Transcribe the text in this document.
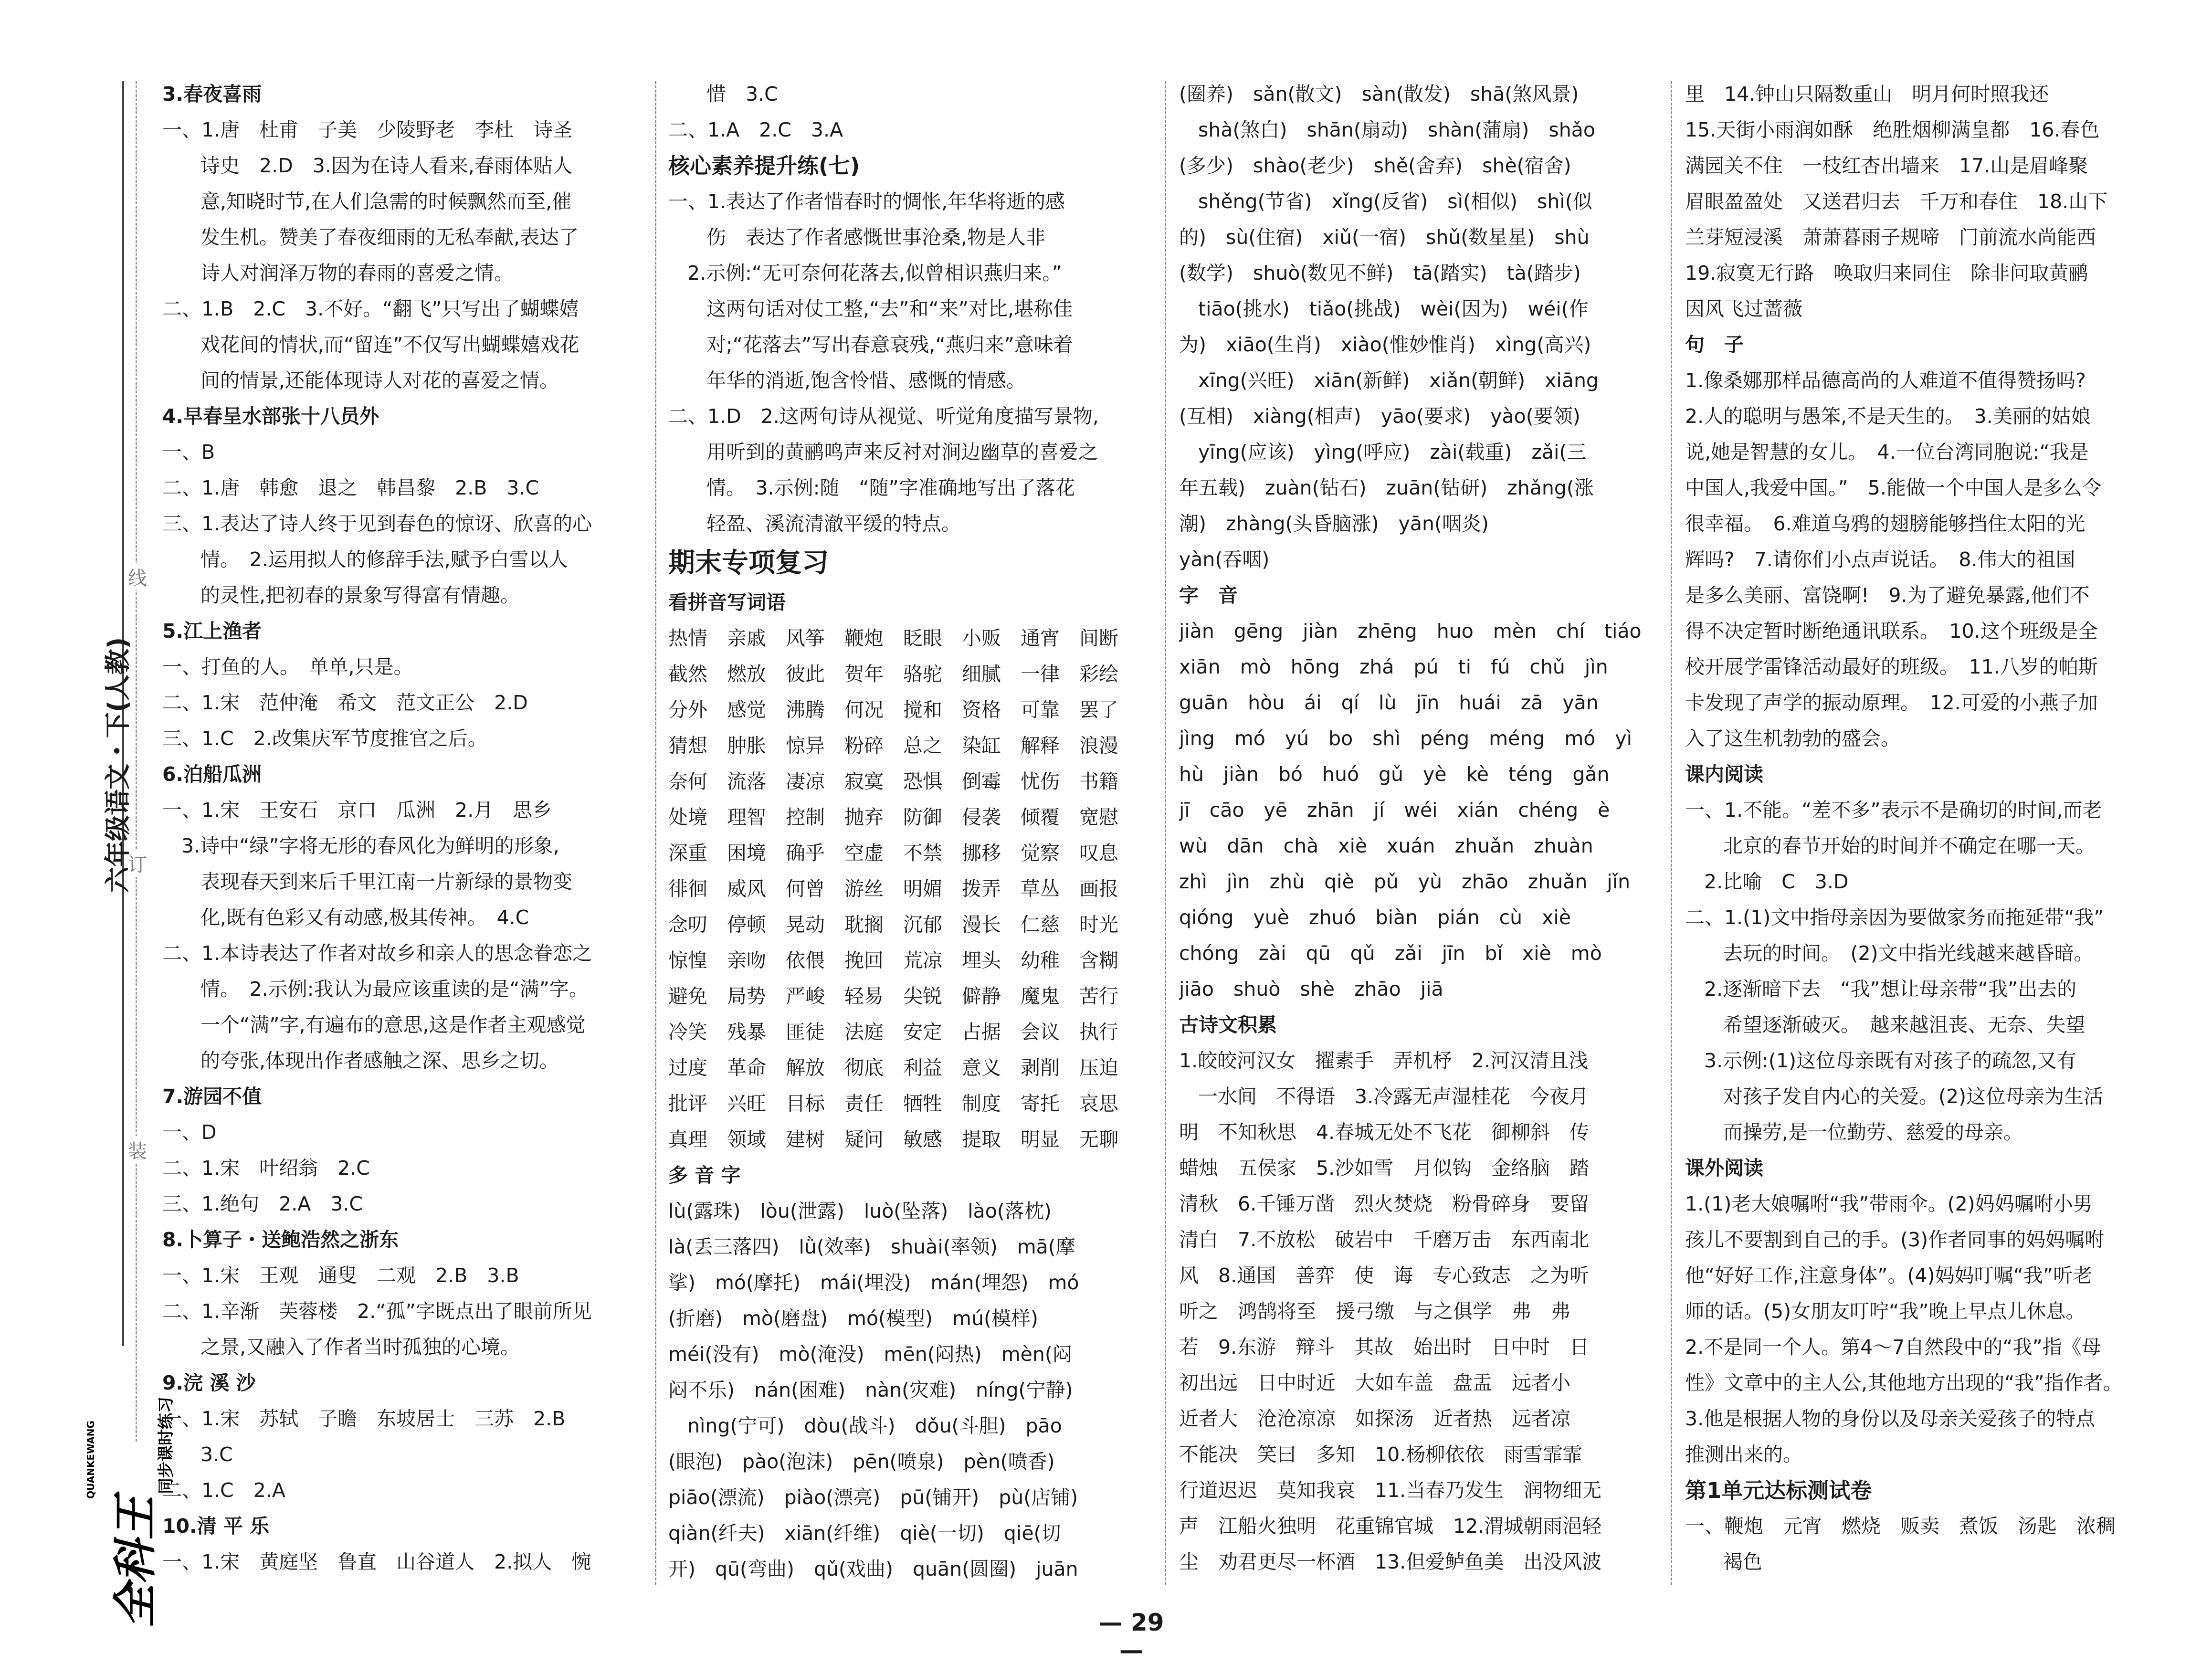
线
订
装
六年级语文・下(人教)
全科王
同步课时练习
QUANKEWANG
3.春夜喜雨
一、1.唐　杜甫　子美　少陵野老　李杜　诗圣
诗史　2.D　3.因为在诗人看来,春雨体贴人
意,知晓时节,在人们急需的时候飘然而至,催
发生机。赞美了春夜细雨的无私奉献,表达了
诗人对润泽万物的春雨的喜爱之情。
二、1.B　2.C　3.不好。“翻飞”只写出了蝴蝶嬉
戏花间的情状,而“留连”不仅写出蝴蝶嬉戏花
间的情景,还能体现诗人对花的喜爱之情。
4.早春呈水部张十八员外
一、B
二、1.唐　韩愈　退之　韩昌黎　2.B　3.C
三、1.表达了诗人终于见到春色的惊讶、欣喜的心
情。　2.运用拟人的修辞手法,赋予白雪以人
的灵性,把初春的景象写得富有情趣。
5.江上渔者
一、打鱼的人。　单单,只是。
二、1.宋　范仲淹　希文　范文正公　2.D
三、1.C　2.改集庆军节度推官之后。
6.泊船瓜洲
一、1.宋　王安石　京口　瓜洲　2.月　思乡
3.诗中“绿”字将无形的春风化为鲜明的形象,
表现春天到来后千里江南一片新绿的景物变
化,既有色彩又有动感,极其传神。　4.C
二、1.本诗表达了作者对故乡和亲人的思念眷恋之
情。　2.示例:我认为最应该重读的是“满”字。
一个“满”字,有遍布的意思,这是作者主观感觉
的夸张,体现出作者感触之深、思乡之切。
7.游园不值
一、D
二、1.宋　叶绍翁　2.C
三、1.绝句　2.A　3.C
8.卜算子・送鲍浩然之浙东
一、1.宋　王观　通叟　二观　2.B　3.B
二、1.辛渐　芙蓉楼　2.“孤”字既点出了眼前所见
之景,又融入了作者当时孤独的心境。
9.浣 溪 沙
一、1.宋　苏轼　子瞻　东坡居士　三苏　2.B
3.C
二、1.C　2.A
10.清 平 乐
一、1.宋　黄庭坚　鲁直　山谷道人　2.拟人　惋
惜　3.C
二、1.A　2.C　3.A
核心素养提升练(七)
一、1.表达了作者惜春时的惆怅,年华将逝的感
伤　表达了作者感慨世事沧桑,物是人非
2.示例:“无可奈何花落去,似曾相识燕归来。”
这两句话对仗工整,“去”和“来”对比,堪称佳
对;“花落去”写出春意衰残,“燕归来”意味着
年华的消逝,饱含怜惜、感慨的情感。
二、1.D　2.这两句诗从视觉、听觉角度描写景物,
用听到的黄鹂鸣声来反衬对涧边幽草的喜爱之
情。　3.示例:随　“随”字准确地写出了落花
轻盈、溪流清澈平缓的特点。
期末专项复习
看拼音写词语
热情　亲戚　风筝　鞭炮　眨眼　小贩　通宵　间断
截然　燃放　彼此　贺年　骆驼　细腻　一律　彩绘
分外　感觉　沸腾　何况　搅和　资格　可靠　罢了
猜想　肿胀　惊异　粉碎　总之　染缸　解释　浪漫
奈何　流落　凄凉　寂寞　恐惧　倒霉　忧伤　书籍
处境　理智　控制　抛弃　防御　侵袭　倾覆　宽慰
深重　困境　确乎　空虚　不禁　挪移　觉察　叹息
徘徊　威风　何曾　游丝　明媚　拨弄　草丛　画报
念叨　停顿　晃动　耽搁　沉郁　漫长　仁慈　时光
惊惶　亲吻　依偎　挽回　荒凉　埋头　幼稚　含糊
避免　局势　严峻　轻易　尖锐　僻静　魔鬼　苦行
冷笑　残暴　匪徒　法庭　安定　占据　会议　执行
过度　革命　解放　彻底　利益　意义　剥削　压迫
批评　兴旺　目标　责任　牺牲　制度　寄托　哀思
真理　领域　建树　疑问　敏感　提取　明显　无聊
多 音 字
lù(露珠)　lòu(泄露)　luò(坠落)　lào(落枕)
là(丢三落四)　lǜ(效率)　shuài(率领)　mā(摩
挲)　mó(摩托)　mái(埋没)　mán(埋怨)　mó
(折磨)　mò(磨盘)　mó(模型)　mú(模样)
méi(没有)　mò(淹没)　mēn(闷热)　mèn(闷
闷不乐)　nán(困难)　nàn(灾难)　níng(宁静)
nìng(宁可)　dòu(战斗)　dǒu(斗胆)　pāo
(眼泡)　pào(泡沫)　pēn(喷泉)　pèn(喷香)
piāo(漂流)　piào(漂亮)　pū(铺开)　pù(店铺)
qiàn(纤夫)　xiān(纤维)　qiè(一切)　qiē(切
开)　qū(弯曲)　qǔ(戏曲)　quān(圆圈)　juān
(圈养)　sǎn(散文)　sàn(散发)　shā(煞风景)
shà(煞白)　shān(扇动)　shàn(蒲扇)　shǎo
(多少)　shào(老少)　shě(舍弃)　shè(宿舍)
shěng(节省)　xǐng(反省)　sì(相似)　shì(似
的)　sù(住宿)　xiǔ(一宿)　shǔ(数星星)　shù
(数学)　shuò(数见不鲜)　tā(踏实)　tà(踏步)
tiāo(挑水)　tiǎo(挑战)　wèi(因为)　wéi(作
为)　xiāo(生肖)　xiào(惟妙惟肖)　xìng(高兴)
xīng(兴旺)　xiān(新鲜)　xiǎn(朝鲜)　xiāng
(互相)　xiàng(相声)　yāo(要求)　yào(要领)
yīng(应该)　yìng(呼应)　zài(载重)　zǎi(三
年五载)　zuàn(钻石)　zuān(钻研)　zhǎng(涨
潮)　zhàng(头昏脑涨)　yān(咽炎)
yàn(吞咽)
字　音
jiàn　gēng　jiàn　zhēng　huo　mèn　chí　tiáo
xiān　mò　hōng　zhá　pú　ti　fú　chǔ　jìn
guān　hòu　ái　qí　lù　jīn　huái　zā　yān
jìng　mó　yú　bo　shì　péng　méng　mó　yì
hù　jiàn　bó　huó　gǔ　yè　kè　téng　gǎn
jī　cāo　yē　zhān　jí　wéi　xián　chéng　è
wù　dān　chà　xiè　xuán　zhuǎn　zhuàn
zhì　jìn　zhù　qiè　pǔ　yù　zhāo　zhuǎn　jǐn
qióng　yuè　zhuó　biàn　pián　cù　xiè
chóng　zài　qū　qǔ　zǎi　jīn　bǐ　xiè　mò
jiāo　shuò　shè　zhāo　jiā
古诗文积累
1.皎皎河汉女　擢素手　弄机杼　2.河汉清且浅
一水间　不得语　3.冷露无声湿桂花　今夜月
明　不知秋思　4.春城无处不飞花　御柳斜　传
蜡烛　五侯家　5.沙如雪　月似钩　金络脑　踏
清秋　6.千锤万凿　烈火焚烧　粉骨碎身　要留
清白　7.不放松　破岩中　千磨万击　东西南北
风　8.通国　善弈　使　诲　专心致志　之为听
听之　鸿鹄将至　援弓缴　与之俱学　弗　弗
若　9.东游　辩斗　其故　始出时　日中时　日
初出远　日中时近　大如车盖　盘盂　远者小
近者大　沧沧凉凉　如探汤　近者热　远者凉
不能决　笑曰　多知　10.杨柳依依　雨雪霏霏
行道迟迟　莫知我哀　11.当春乃发生　润物细无
声　江船火独明　花重锦官城　12.渭城朝雨浥轻
尘　劝君更尽一杯酒　13.但爱鲈鱼美　出没风波
里　14.钟山只隔数重山　明月何时照我还
15.天街小雨润如酥　绝胜烟柳满皇都　16.春色
满园关不住　一枝红杏出墙来　17.山是眉峰聚
眉眼盈盈处　又送君归去　千万和春住　18.山下
兰芽短浸溪　萧萧暮雨子规啼　门前流水尚能西
19.寂寞无行路　唤取归来同住　除非问取黄鹂
因风飞过蔷薇
句　子
1.像桑娜那样品德高尚的人难道不值得赞扬吗?
2.人的聪明与愚笨,不是天生的。　3.美丽的姑娘
说,她是智慧的女儿。　4.一位台湾同胞说:“我是
中国人,我爱中国。”　5.能做一个中国人是多么令
很幸福。　6.难道乌鸦的翅膀能够挡住太阳的光
辉吗?　7.请你们小点声说话。　8.伟大的祖国
是多么美丽、富饶啊!　9.为了避免暴露,他们不
得不决定暂时断绝通讯联系。　10.这个班级是全
校开展学雷锋活动最好的班级。　11.八岁的帕斯
卡发现了声学的振动原理。　12.可爱的小燕子加
入了这生机勃勃的盛会。
课内阅读
一、1.不能。“差不多”表示不是确切的时间,而老
北京的春节开始的时间并不确定在哪一天。
2.比喻　C　3.D
二、1.(1)文中指母亲因为要做家务而拖延带“我”
去玩的时间。　(2)文中指光线越来越昏暗。
2.逐渐暗下去　“我”想让母亲带“我”出去的
希望逐渐破灭。　越来越沮丧、无奈、失望
3.示例:(1)这位母亲既有对孩子的疏忽,又有
对孩子发自内心的关爱。(2)这位母亲为生活
而操劳,是一位勤劳、慈爱的母亲。
课外阅读
1.(1)老大娘嘱咐“我”带雨伞。(2)妈妈嘱咐小男
孩儿不要割到自己的手。(3)作者同事的妈妈嘱咐
他“好好工作,注意身体”。(4)妈妈叮嘱“我”听老
师的话。(5)女朋友叮咛“我”晚上早点儿休息。
2.不是同一个人。第4～7自然段中的“我”指《母
性》文章中的主人公,其他地方出现的“我”指作者。
3.他是根据人物的身份以及母亲关爱孩子的特点
推测出来的。
第1单元达标测试卷
一、鞭炮　元宵　燃烧　贩卖　煮饭　汤匙　浓稠
褐色
— 29 —
